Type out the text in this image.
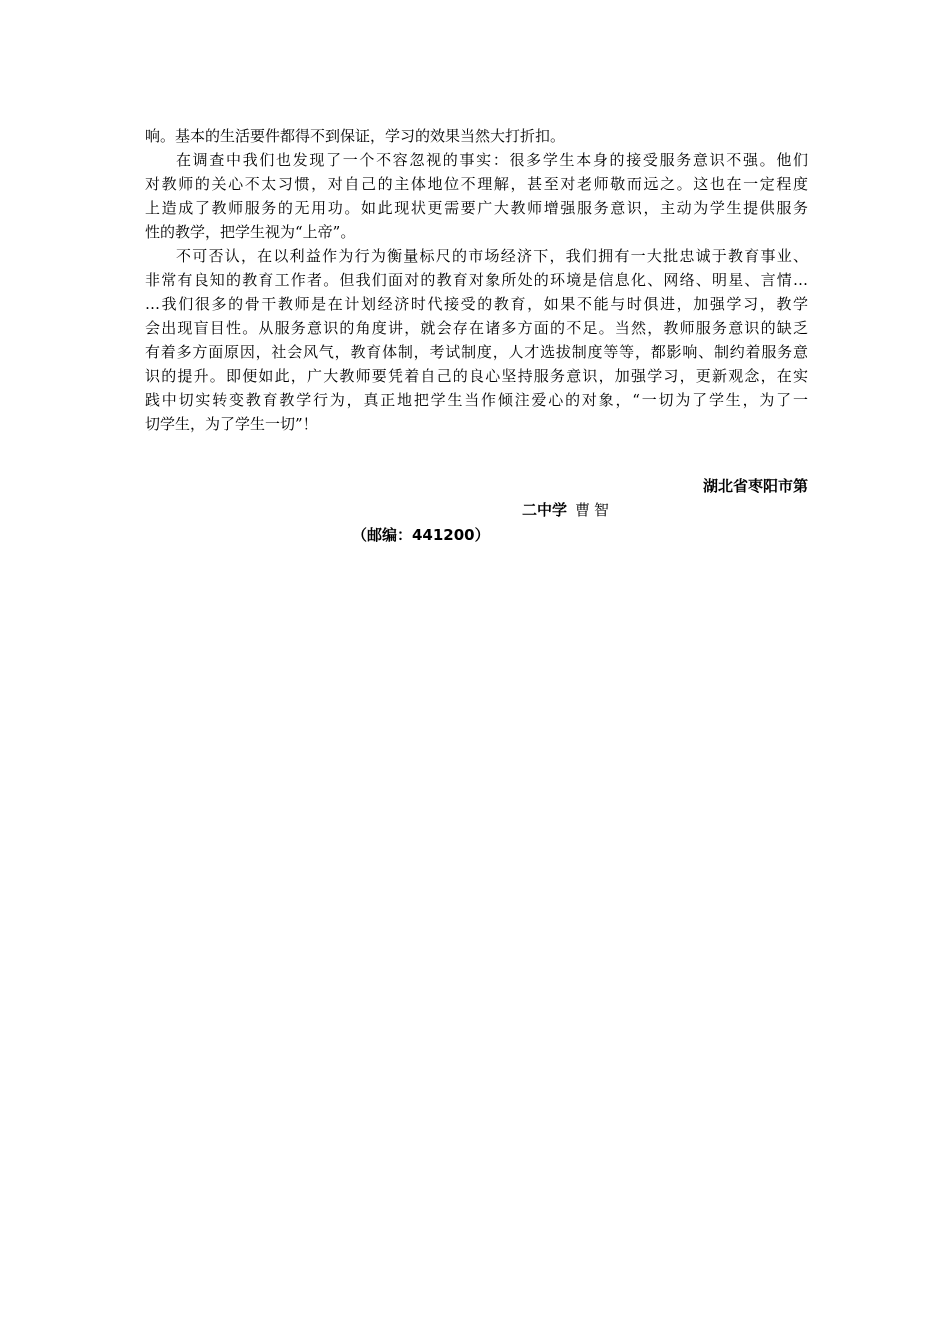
响。基本的生活要件都得不到保证，学习的效果当然大打折扣。
在调查中我们也发现了一个不容忽视的事实：很多学生本身的接受服务意识不强。他们
对教师的关心不太习惯，对自己的主体地位不理解，甚至对老师敬而远之。这也在一定程度
上造成了教师服务的无用功。如此现状更需要广大教师增强服务意识，主动为学生提供服务
性的教学，把学生视为“上帝”。
不可否认，在以利益作为行为衡量标尺的市场经济下，我们拥有一大批忠诚于教育事业、
非常有良知的教育工作者。但我们面对的教育对象所处的环境是信息化、网络、明星、言情…
…我们很多的骨干教师是在计划经济时代接受的教育，如果不能与时俱进，加强学习，教学
会出现盲目性。从服务意识的角度讲，就会存在诸多方面的不足。当然，教师服务意识的缺乏
有着多方面原因，社会风气，教育体制，考试制度，人才选拔制度等等，都影响、制约着服务意
识的提升。即便如此，广大教师要凭着自己的良心坚持服务意识，加强学习，更新观念，在实
践中切实转变教育教学行为，真正地把学生当作倾注爱心的对象，“一切为了学生，为了一
切学生，为了学生一切”！
湖北省枣阳市第
二中学 曹智
（邮编：441200）
